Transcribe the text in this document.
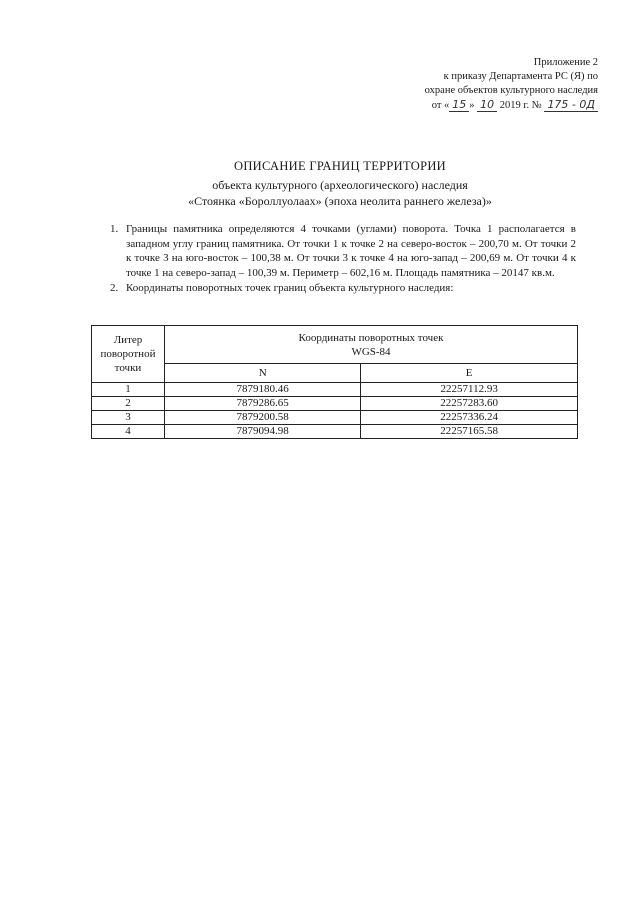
Приложение 2
к приказу Департамента РС (Я) по
охране объектов культурного наследия
от « 15 » 10 2019 г. № 175 - 0Д
ОПИСАНИЕ ГРАНИЦ ТЕРРИТОРИИ
объекта культурного (археологического) наследия
«Стоянка «Бороллуолаах» (эпоха неолита раннего железа)»
1. Границы памятника определяются 4 точками (углами) поворота. Точка 1 располагается в западном углу границ памятника. От точки 1 к точке 2 на северо-восток – 200,70 м. От точки 2 к точке 3 на юго-восток – 100,38 м. От точки 3 к точке 4 на юго-запад – 200,69 м. От точки 4 к точке 1 на северо-запад – 100,39 м. Периметр – 602,16 м. Площадь памятника – 20147 кв.м.
2. Координаты поворотных точек границ объекта культурного наследия:
Литер
поворотной точки	Координаты поворотных точек
WGS-84	
	N	E
1	7879180.46	22257112.93
2	7879286.65	22257283.60
3	7879200.58	22257336.24
4	7879094.98	22257165.58
